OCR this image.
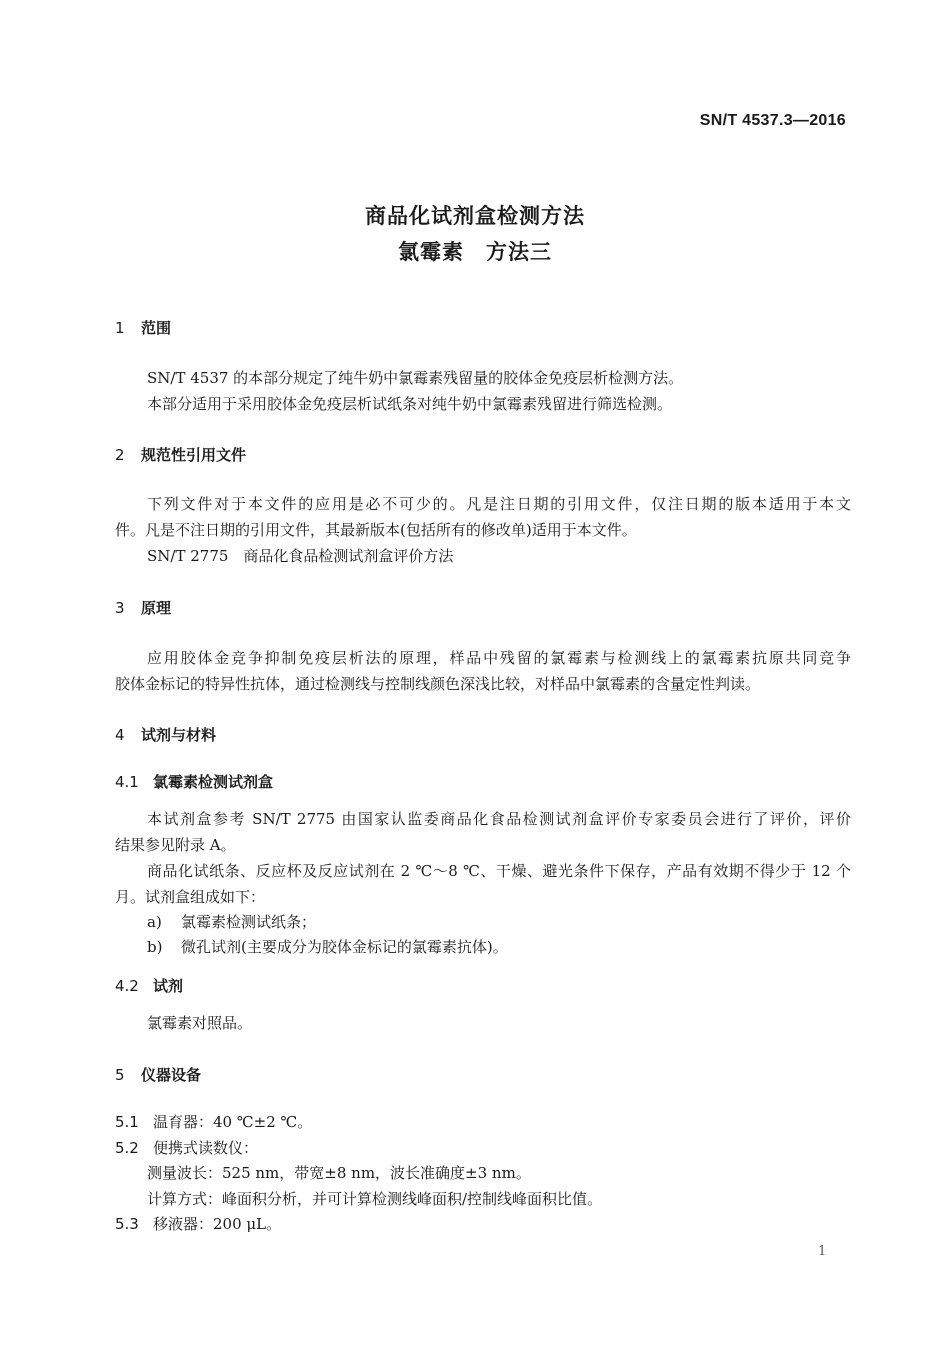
SN/T 4537.3—2016
商品化试剂盒检测方法
氯霉素　方法三
1 范围
SN/T 4537 的本部分规定了纯牛奶中氯霉素残留量的胶体金免疫层析检测方法。
本部分适用于采用胶体金免疫层析试纸条对纯牛奶中氯霉素残留进行筛选检测。
2 规范性引用文件
下列文件对于本文件的应用是必不可少的。凡是注日期的引用文件，仅注日期的版本适用于本文
件。凡是不注日期的引用文件，其最新版本(包括所有的修改单)适用于本文件。
SN/T 2775　商品化食品检测试剂盒评价方法
3 原理
应用胶体金竞争抑制免疫层析法的原理，样品中残留的氯霉素与检测线上的氯霉素抗原共同竞争
胶体金标记的特异性抗体，通过检测线与控制线颜色深浅比较，对样品中氯霉素的含量定性判读。
4 试剂与材料
4.1 氯霉素检测试剂盒
本试剂盒参考 SN/T 2775 由国家认监委商品化食品检测试剂盒评价专家委员会进行了评价，评价
结果参见附录 A。
商品化试纸条、反应杯及反应试剂在 2 ℃～8 ℃、干燥、避光条件下保存，产品有效期不得少于 12 个
月。试剂盒组成如下：
a) 氯霉素检测试纸条；
b) 微孔试剂(主要成分为胶体金标记的氯霉素抗体)。
4.2 试剂
氯霉素对照品。
5 仪器设备
5.1 温育器：40 ℃±2 ℃。
5.2 便携式读数仪：
测量波长：525 nm，带宽±8 nm，波长准确度±3 nm。
计算方式：峰面积分析，并可计算检测线峰面积/控制线峰面积比值。
5.3 移液器：200 μL。
1
